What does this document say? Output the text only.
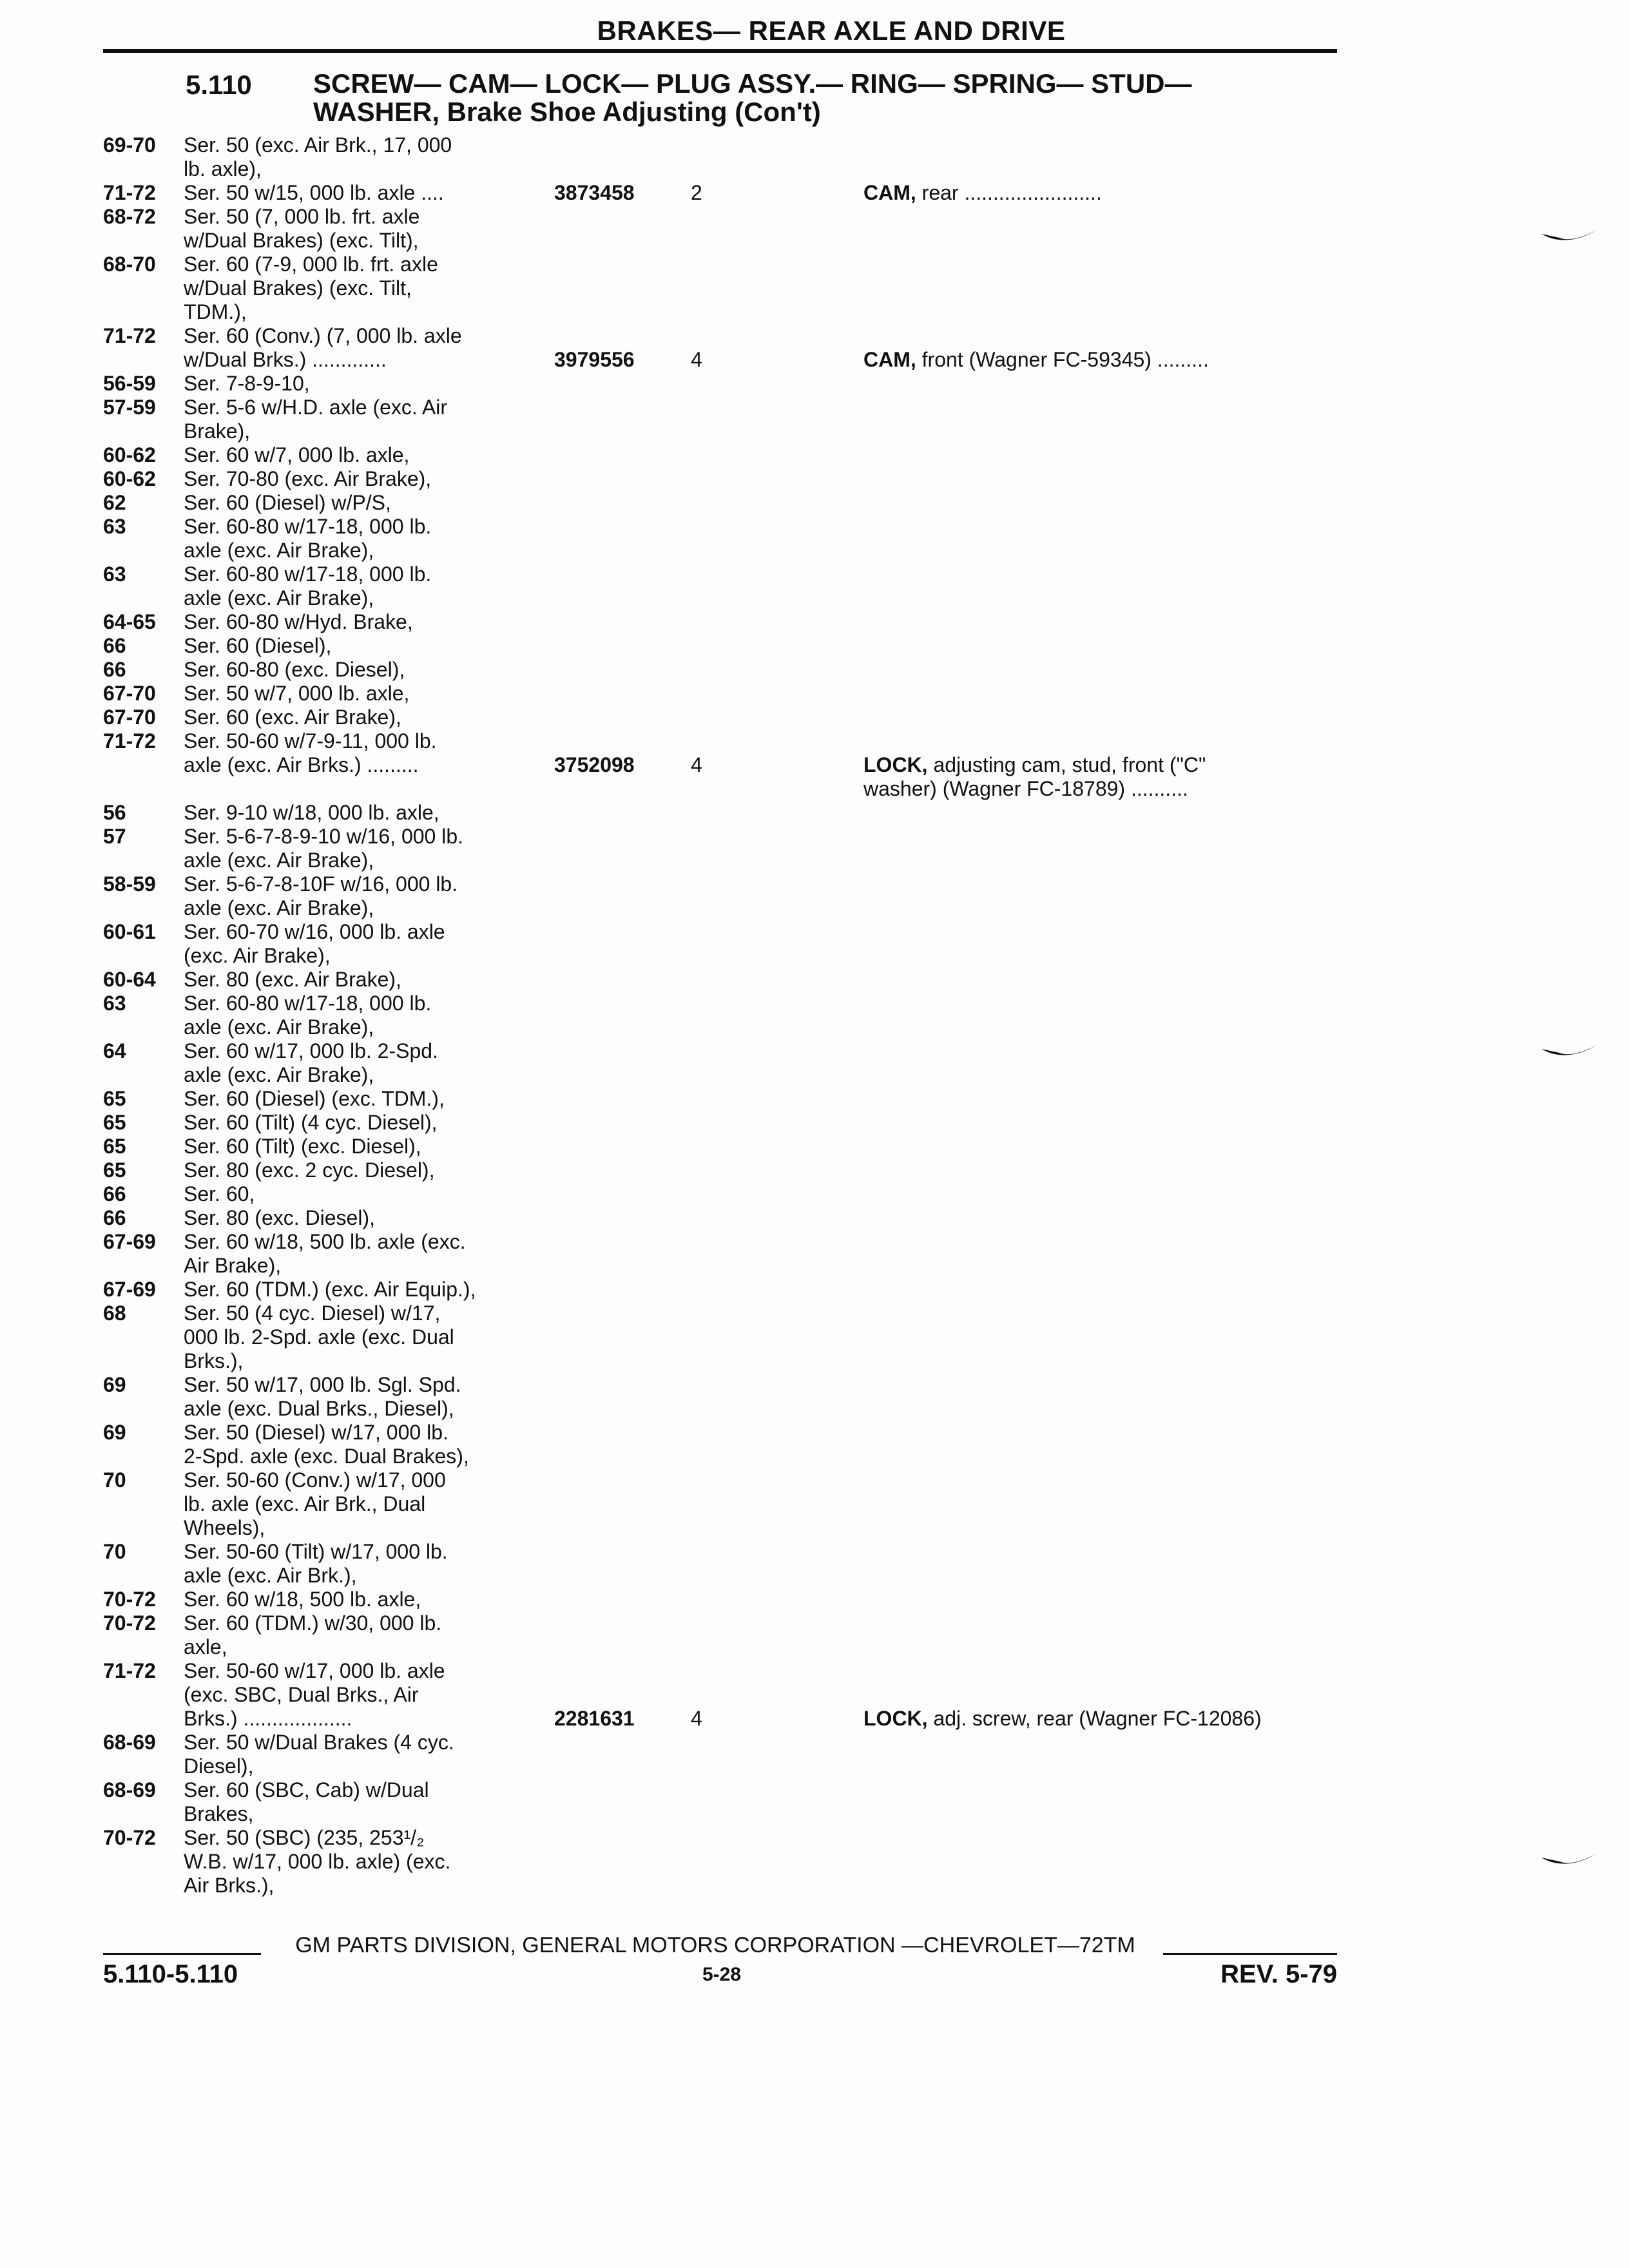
BRAKES— REAR AXLE AND DRIVE
5.110 SCREW— CAM— LOCK— PLUG ASSY.— RING— SPRING— STUD—
WASHER, Brake Shoe Adjusting (Con't)
69-70	Ser. 50 (exc. Air Brk., 17, 000
lb. axle),
71-72	Ser. 50 w/15, 000 lb. axle ....	3873458	2	CAM, rear ........................
68-72	Ser. 50 (7, 000 lb. frt. axle
w/Dual Brakes) (exc. Tilt),
68-70	Ser. 60 (7-9, 000 lb. frt. axle
w/Dual Brakes) (exc. Tilt,
TDM.),
71-72	Ser. 60 (Conv.) (7, 000 lb. axle
w/Dual Brks.) .............	3979556	4	CAM, front (Wagner FC-59345) .........
56-59	Ser. 7-8-9-10,
57-59	Ser. 5-6 w/H.D. axle (exc. Air
Brake),
60-62	Ser. 60 w/7, 000 lb. axle,
60-62	Ser. 70-80 (exc. Air Brake),
62	Ser. 60 (Diesel) w/P/S,
63	Ser. 60-80 w/17-18, 000 lb.
axle (exc. Air Brake),
63	Ser. 60-80 w/17-18, 000 lb.
axle (exc. Air Brake),
64-65	Ser. 60-80 w/Hyd. Brake,
66	Ser. 60 (Diesel),
66	Ser. 60-80 (exc. Diesel),
67-70	Ser. 50 w/7, 000 lb. axle,
67-70	Ser. 60 (exc. Air Brake),
71-72	Ser. 50-60 w/7-9-11, 000 lb.
axle (exc. Air Brks.) .........	3752098	4	LOCK, adjusting cam, stud, front ("C"
washer) (Wagner FC-18789) ..........
56	Ser. 9-10 w/18, 000 lb. axle,
57	Ser. 5-6-7-8-9-10 w/16, 000 lb.
axle (exc. Air Brake),
58-59	Ser. 5-6-7-8-10F w/16, 000 lb.
axle (exc. Air Brake),
60-61	Ser. 60-70 w/16, 000 lb. axle
(exc. Air Brake),
60-64	Ser. 80 (exc. Air Brake),
63	Ser. 60-80 w/17-18, 000 lb.
axle (exc. Air Brake),
64	Ser. 60 w/17, 000 lb. 2-Spd.
axle (exc. Air Brake),
65	Ser. 60 (Diesel) (exc. TDM.),
65	Ser. 60 (Tilt) (4 cyc. Diesel),
65	Ser. 60 (Tilt) (exc. Diesel),
65	Ser. 80 (exc. 2 cyc. Diesel),
66	Ser. 60,
66	Ser. 80 (exc. Diesel),
67-69	Ser. 60 w/18, 500 lb. axle (exc.
Air Brake),
67-69	Ser. 60 (TDM.) (exc. Air Equip.),
68	Ser. 50 (4 cyc. Diesel) w/17,
000 lb. 2-Spd. axle (exc. Dual
Brks.),
69	Ser. 50 w/17, 000 lb. Sgl. Spd.
axle (exc. Dual Brks., Diesel),
69	Ser. 50 (Diesel) w/17, 000 lb.
2-Spd. axle (exc. Dual Brakes),
70	Ser. 50-60 (Conv.) w/17, 000
lb. axle (exc. Air Brk., Dual
Wheels),
70	Ser. 50-60 (Tilt) w/17, 000 lb.
axle (exc. Air Brk.),
70-72	Ser. 60 w/18, 500 lb. axle,
70-72	Ser. 60 (TDM.) w/30, 000 lb.
axle,
71-72	Ser. 50-60 w/17, 000 lb. axle
(exc. SBC, Dual Brks., Air
Brks.) ...................	2281631	4	LOCK, adj. screw, rear (Wagner FC-12086)
68-69	Ser. 50 w/Dual Brakes (4 cyc.
Diesel),
68-69	Ser. 60 (SBC, Cab) w/Dual
Brakes,
70-72	Ser. 50 (SBC) (235, 253¹/₂
W.B. w/17, 000 lb. axle) (exc.
Air Brks.),
GM PARTS DIVISION, GENERAL MOTORS CORPORATION —CHEVROLET—72TM
5.110-5.110	5-28	REV. 5-79
